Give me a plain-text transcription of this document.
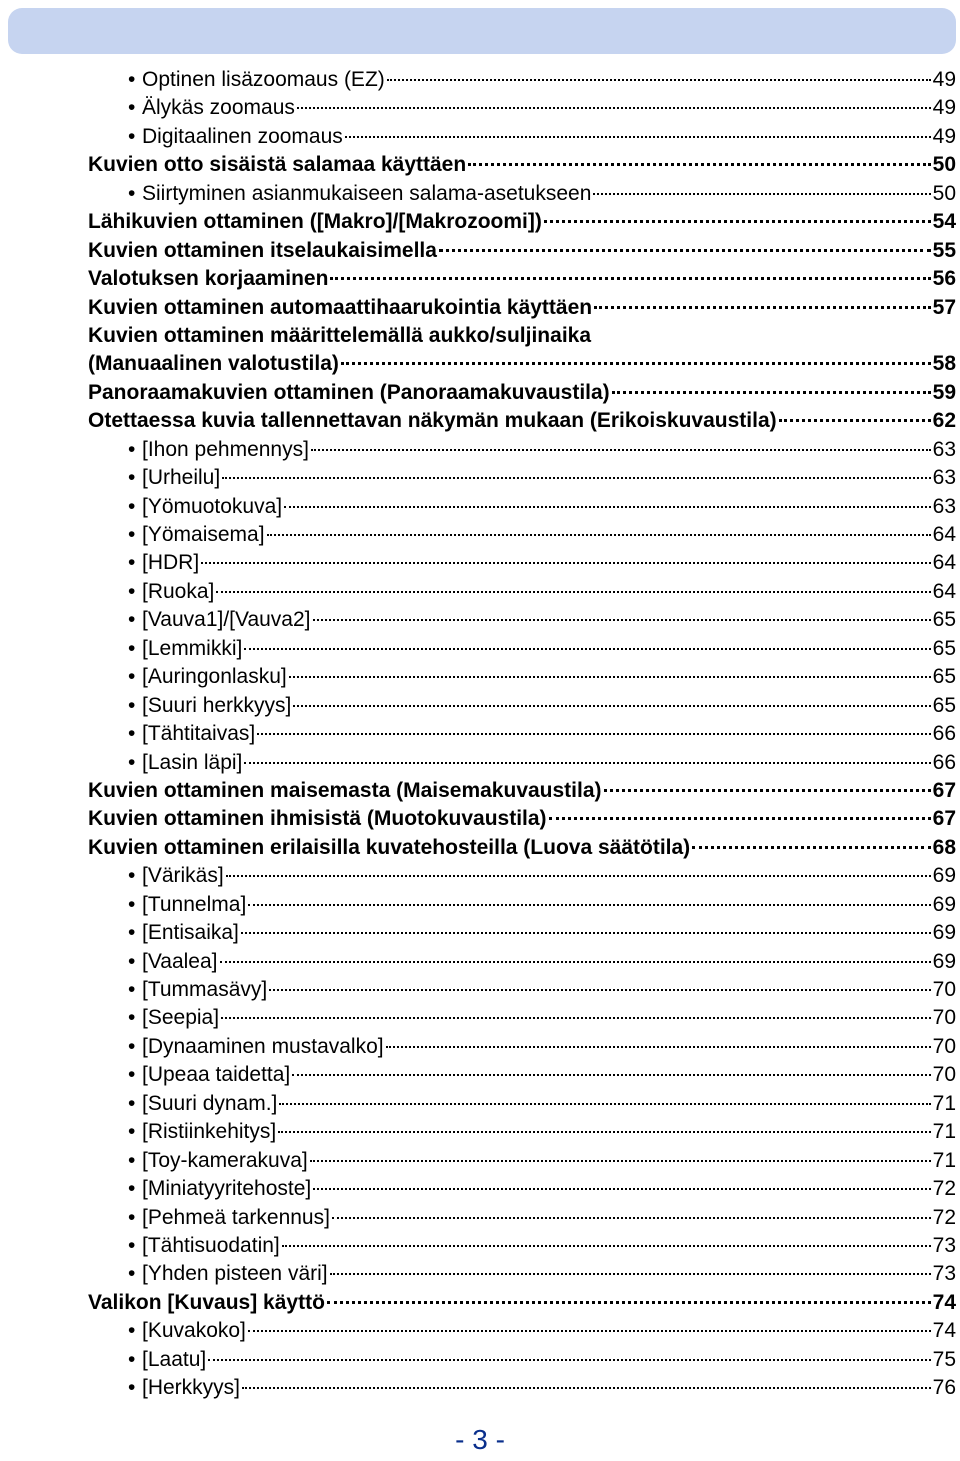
• Optinen lisäzoomaus (EZ)	49
• Älykäs zoomaus	49
• Digitaalinen zoomaus	49
Kuvien otto sisäistä salamaa käyttäen	50
• Siirtyminen asianmukaiseen salama-asetukseen	50
Lähikuvien ottaminen ([Makro]/[Makrozoomi])	54
Kuvien ottaminen itselaukaisimella	55
Valotuksen korjaaminen	56
Kuvien ottaminen automaattihaarukointia käyttäen	57
Kuvien ottaminen määrittelemällä aukko/suljinaika
(Manuaalinen valotustila)	58
Panoraamakuvien ottaminen (Panoraamakuvaustila)	59
Otettaessa kuvia tallennettavan näkymän mukaan (Erikoiskuvaustila)	62
• [Ihon pehmennys]	63
• [Urheilu]	63
• [Yömuotokuva]	63
• [Yömaisema]	64
• [HDR]	64
• [Ruoka]	64
• [Vauva1]/[Vauva2]	65
• [Lemmikki]	65
• [Auringonlasku]	65
• [Suuri herkkyys]	65
• [Tähtitaivas]	66
• [Lasin läpi]	66
Kuvien ottaminen maisemasta (Maisemakuvaustila)	67
Kuvien ottaminen ihmisistä (Muotokuvaustila)	67
Kuvien ottaminen erilaisilla kuvatehosteilla (Luova säätötila)	68
• [Värikäs]	69
• [Tunnelma]	69
• [Entisaika]	69
• [Vaalea]	69
• [Tummasävy]	70
• [Seepia]	70
• [Dynaaminen mustavalko]	70
• [Upeaa taidetta]	70
• [Suuri dynam.]	71
• [Ristiinkehitys]	71
• [Toy-kamerakuva]	71
• [Miniatyyritehoste]	72
• [Pehmeä tarkennus]	72
• [Tähtisuodatin]	73
• [Yhden pisteen väri]	73
Valikon [Kuvaus] käyttö	74
• [Kuvakoko]	74
• [Laatu]	75
• [Herkkyys]	76
- 3 -
